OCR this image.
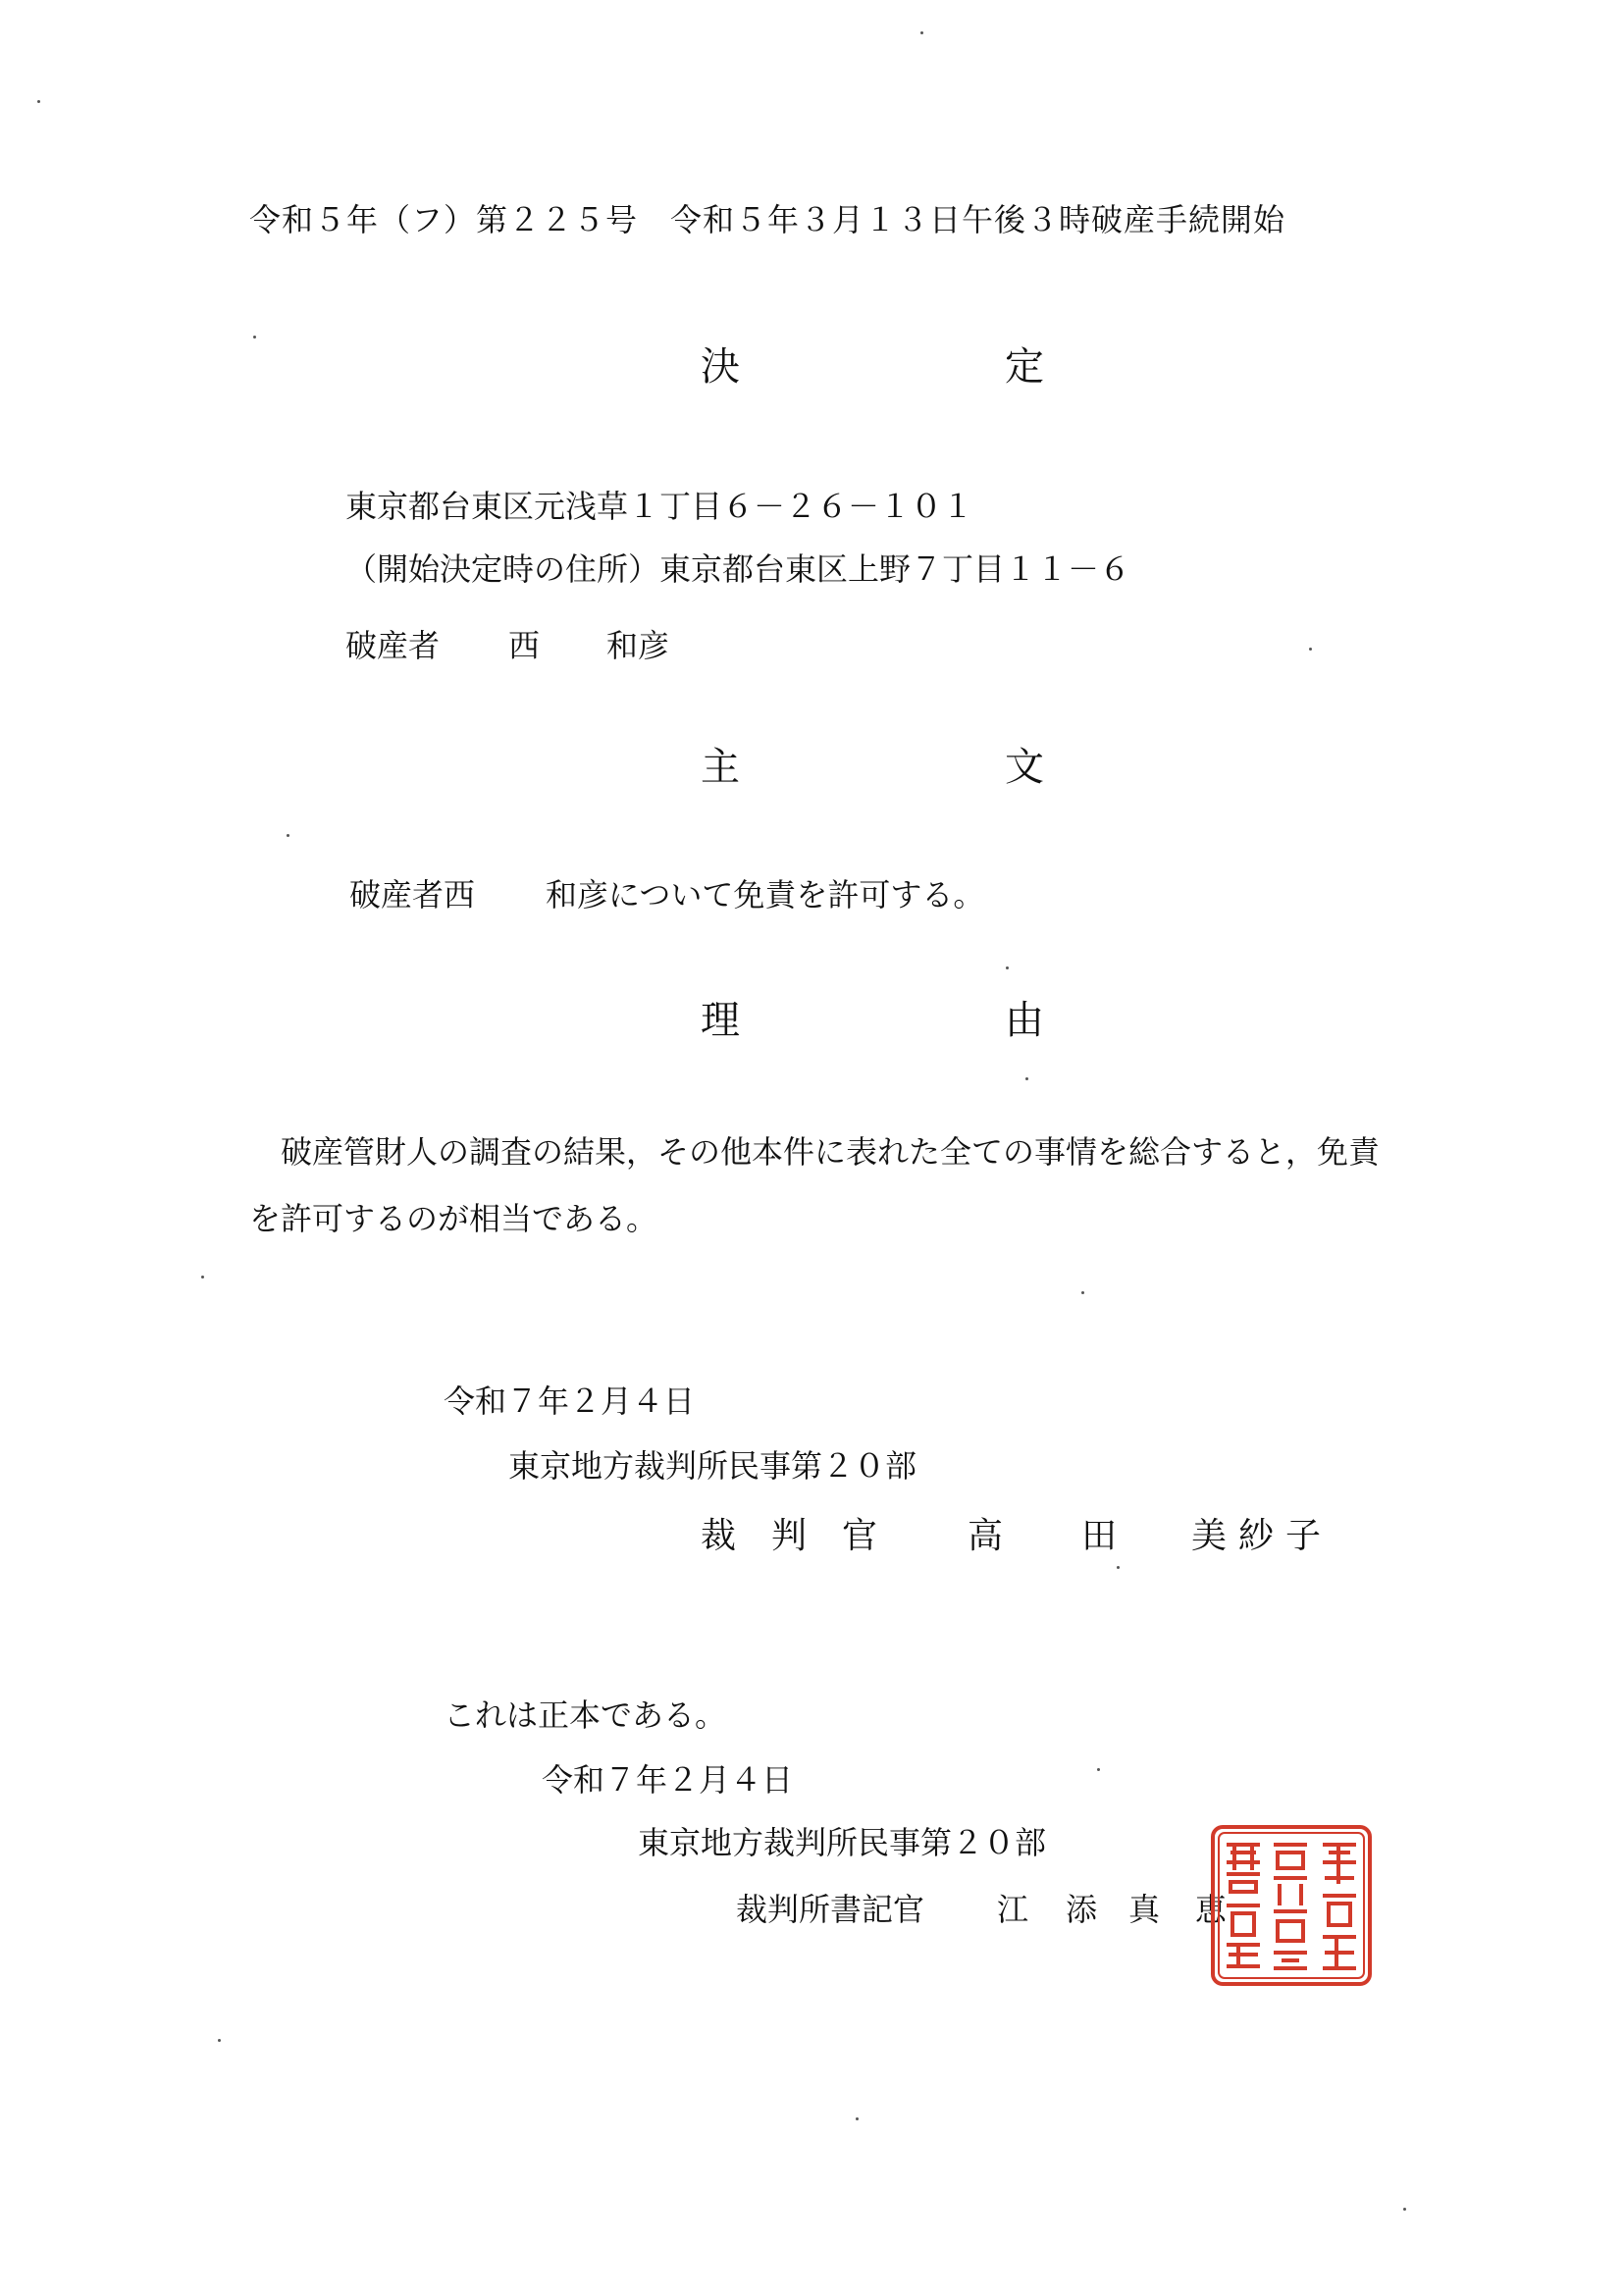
令和５年（フ）第２２５号　令和５年３月１３日午後３時破産手続開始
決	定
東京都台東区元浅草１丁目６－２６－１０１
（開始決定時の住所）東京都台東区上野７丁目１１－６
破産者 西 和彦
主	文
破産者西 和彦について免責を許可する。
理	由
破産管財人の調査の結果，その他本件に表れた全ての事情を総合すると，免責
を許可するのが相当である。
令和７年２月４日
東京地方裁判所民事第２０部
裁　判　官	高 田 美紗子
これは正本である。
令和７年２月４日
東京地方裁判所民事第２０部
裁判所書記官 江 添 真 恵
